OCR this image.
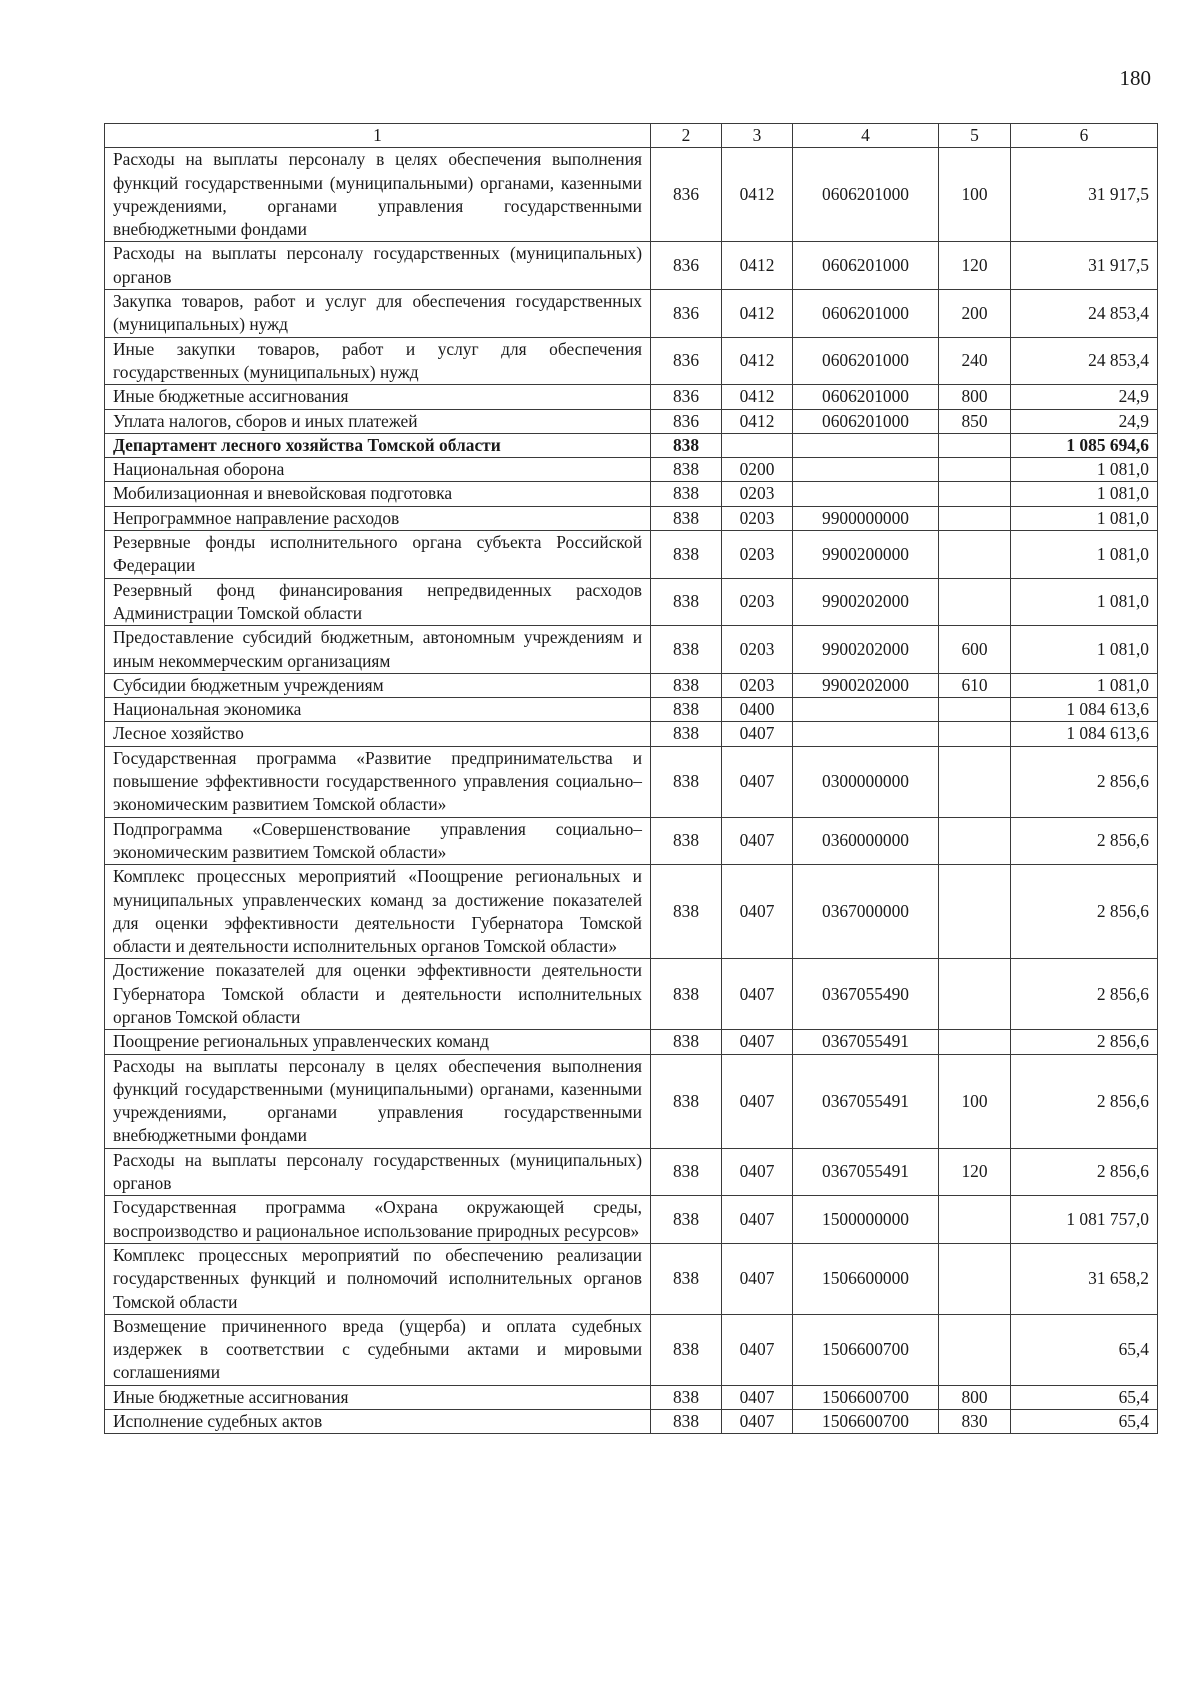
180
1	2	3	4	5	6
Расходы на выплаты персоналу в целях обеспечения выполнения функций государственными (муниципальными) органами, казенными учреждениями, органами управления государственными внебюджетными фондами	836	0412	0606201000	100	31 917,5
Расходы на выплаты персоналу государственных (муниципальных) органов	836	0412	0606201000	120	31 917,5
Закупка товаров, работ и услуг для обеспечения государственных (муниципальных) нужд	836	0412	0606201000	200	24 853,4
Иные закупки товаров, работ и услуг для обеспечения государственных (муниципальных) нужд	836	0412	0606201000	240	24 853,4
Иные бюджетные ассигнования	836	0412	0606201000	800	24,9
Уплата налогов, сборов и иных платежей	836	0412	0606201000	850	24,9
Департамент лесного хозяйства Томской области	838				1 085 694,6
Национальная оборона	838	0200			1 081,0
Мобилизационная и вневойсковая подготовка	838	0203			1 081,0
Непрограммное направление расходов	838	0203	9900000000		1 081,0
Резервные фонды исполнительного органа субъекта Российской Федерации	838	0203	9900200000		1 081,0
Резервный фонд финансирования непредвиденных расходов Администрации Томской области	838	0203	9900202000		1 081,0
Предоставление субсидий бюджетным, автономным учреждениям и иным некоммерческим организациям	838	0203	9900202000	600	1 081,0
Субсидии бюджетным учреждениям	838	0203	9900202000	610	1 081,0
Национальная экономика	838	0400			1 084 613,6
Лесное хозяйство	838	0407			1 084 613,6
Государственная программа «Развитие предпринимательства и повышение эффективности государственного управления социально–экономическим развитием Томской области»	838	0407	0300000000		2 856,6
Подпрограмма «Совершенствование управления социально–экономическим развитием Томской области»	838	0407	0360000000		2 856,6
Комплекс процессных мероприятий «Поощрение региональных и муниципальных управленческих команд за достижение показателей для оценки эффективности деятельности Губернатора Томской области и деятельности исполнительных органов Томской области»	838	0407	0367000000		2 856,6
Достижение показателей для оценки эффективности деятельности Губернатора Томской области и деятельности исполнительных органов Томской области	838	0407	0367055490		2 856,6
Поощрение региональных управленческих команд	838	0407	0367055491		2 856,6
Расходы на выплаты персоналу в целях обеспечения выполнения функций государственными (муниципальными) органами, казенными учреждениями, органами управления государственными внебюджетными фондами	838	0407	0367055491	100	2 856,6
Расходы на выплаты персоналу государственных (муниципальных) органов	838	0407	0367055491	120	2 856,6
Государственная программа «Охрана окружающей среды, воспроизводство и рациональное использование природных ресурсов»	838	0407	1500000000		1 081 757,0
Комплекс процессных мероприятий по обеспечению реализации государственных функций и полномочий исполнительных органов Томской области	838	0407	1506600000		31 658,2
Возмещение причиненного вреда (ущерба) и оплата судебных издержек в соответствии с судебными актами и мировыми соглашениями	838	0407	1506600700		65,4
Иные бюджетные ассигнования	838	0407	1506600700	800	65,4
Исполнение судебных актов	838	0407	1506600700	830	65,4
